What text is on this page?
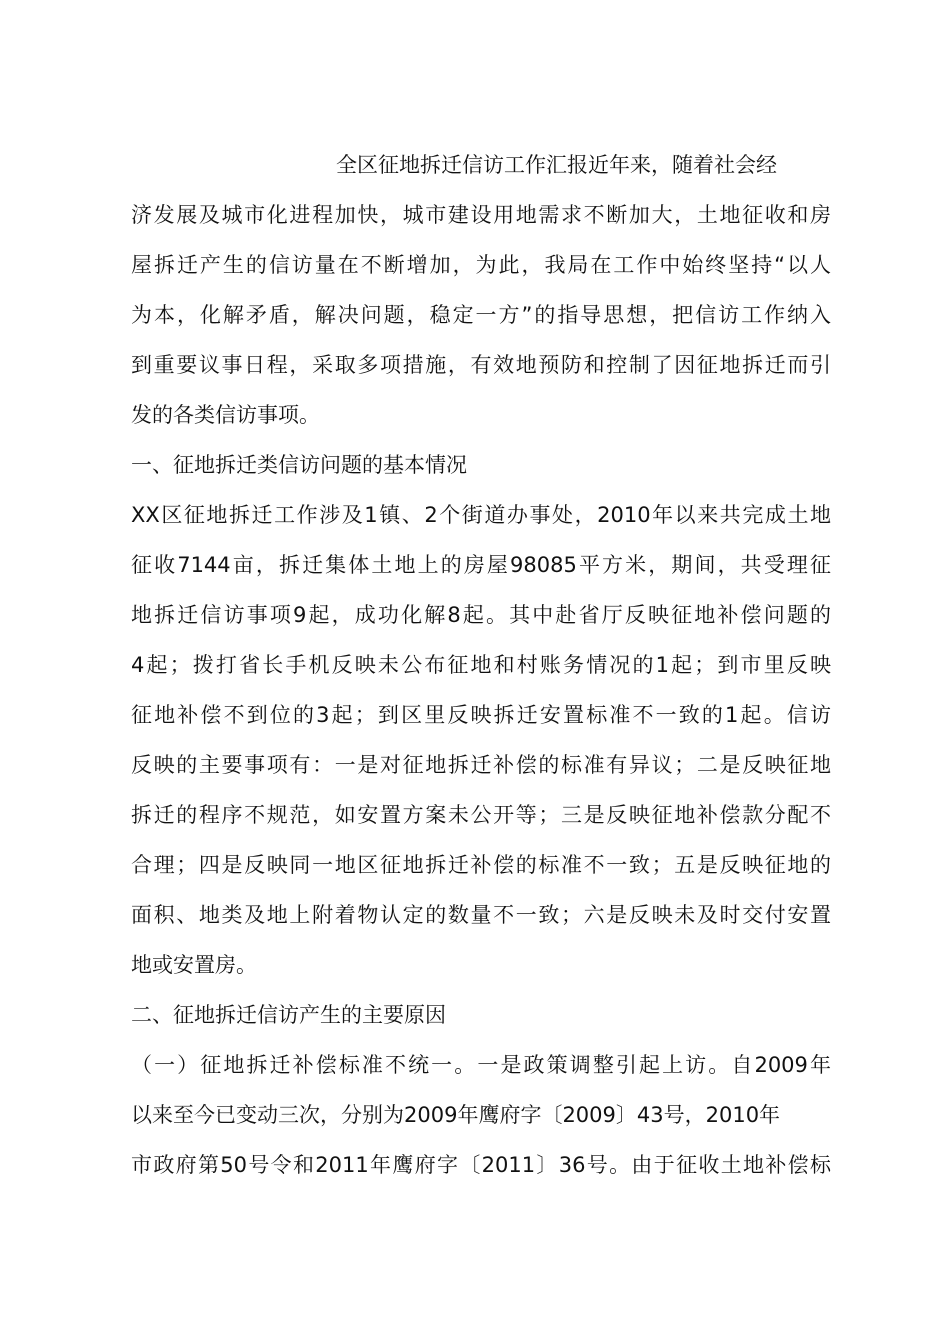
全区征地拆迁信访工作汇报近年来，随着社会经
济发展及城市化进程加快，城市建设用地需求不断加大，土地征收和房
屋拆迁产生的信访量在不断增加，为此，我局在工作中始终坚持“以人
为本，化解矛盾，解决问题，稳定一方”的指导思想，把信访工作纳入
到重要议事日程，采取多项措施，有效地预防和控制了因征地拆迁而引
发的各类信访事项。
一、征地拆迁类信访问题的基本情况
XX区征地拆迁工作涉及1镇、2个街道办事处，2010年以来共完成土地
征收7144亩，拆迁集体土地上的房屋98085平方米，期间，共受理征
地拆迁信访事项9起，成功化解8起。其中赴省厅反映征地补偿问题的
4起；拨打省长手机反映未公布征地和村账务情况的1起；到市里反映
征地补偿不到位的3起；到区里反映拆迁安置标准不一致的1起。信访
反映的主要事项有：一是对征地拆迁补偿的标准有异议；二是反映征地
拆迁的程序不规范，如安置方案未公开等；三是反映征地补偿款分配不
合理；四是反映同一地区征地拆迁补偿的标准不一致；五是反映征地的
面积、地类及地上附着物认定的数量不一致；六是反映未及时交付安置
地或安置房。
二、征地拆迁信访产生的主要原因
（一）征地拆迁补偿标准不统一。一是政策调整引起上访。自2009年
以来至今已变动三次，分别为2009年鹰府字〔2009〕43号，2010年
市政府第50号令和2011年鹰府字〔2011〕36号。由于征收土地补偿标
